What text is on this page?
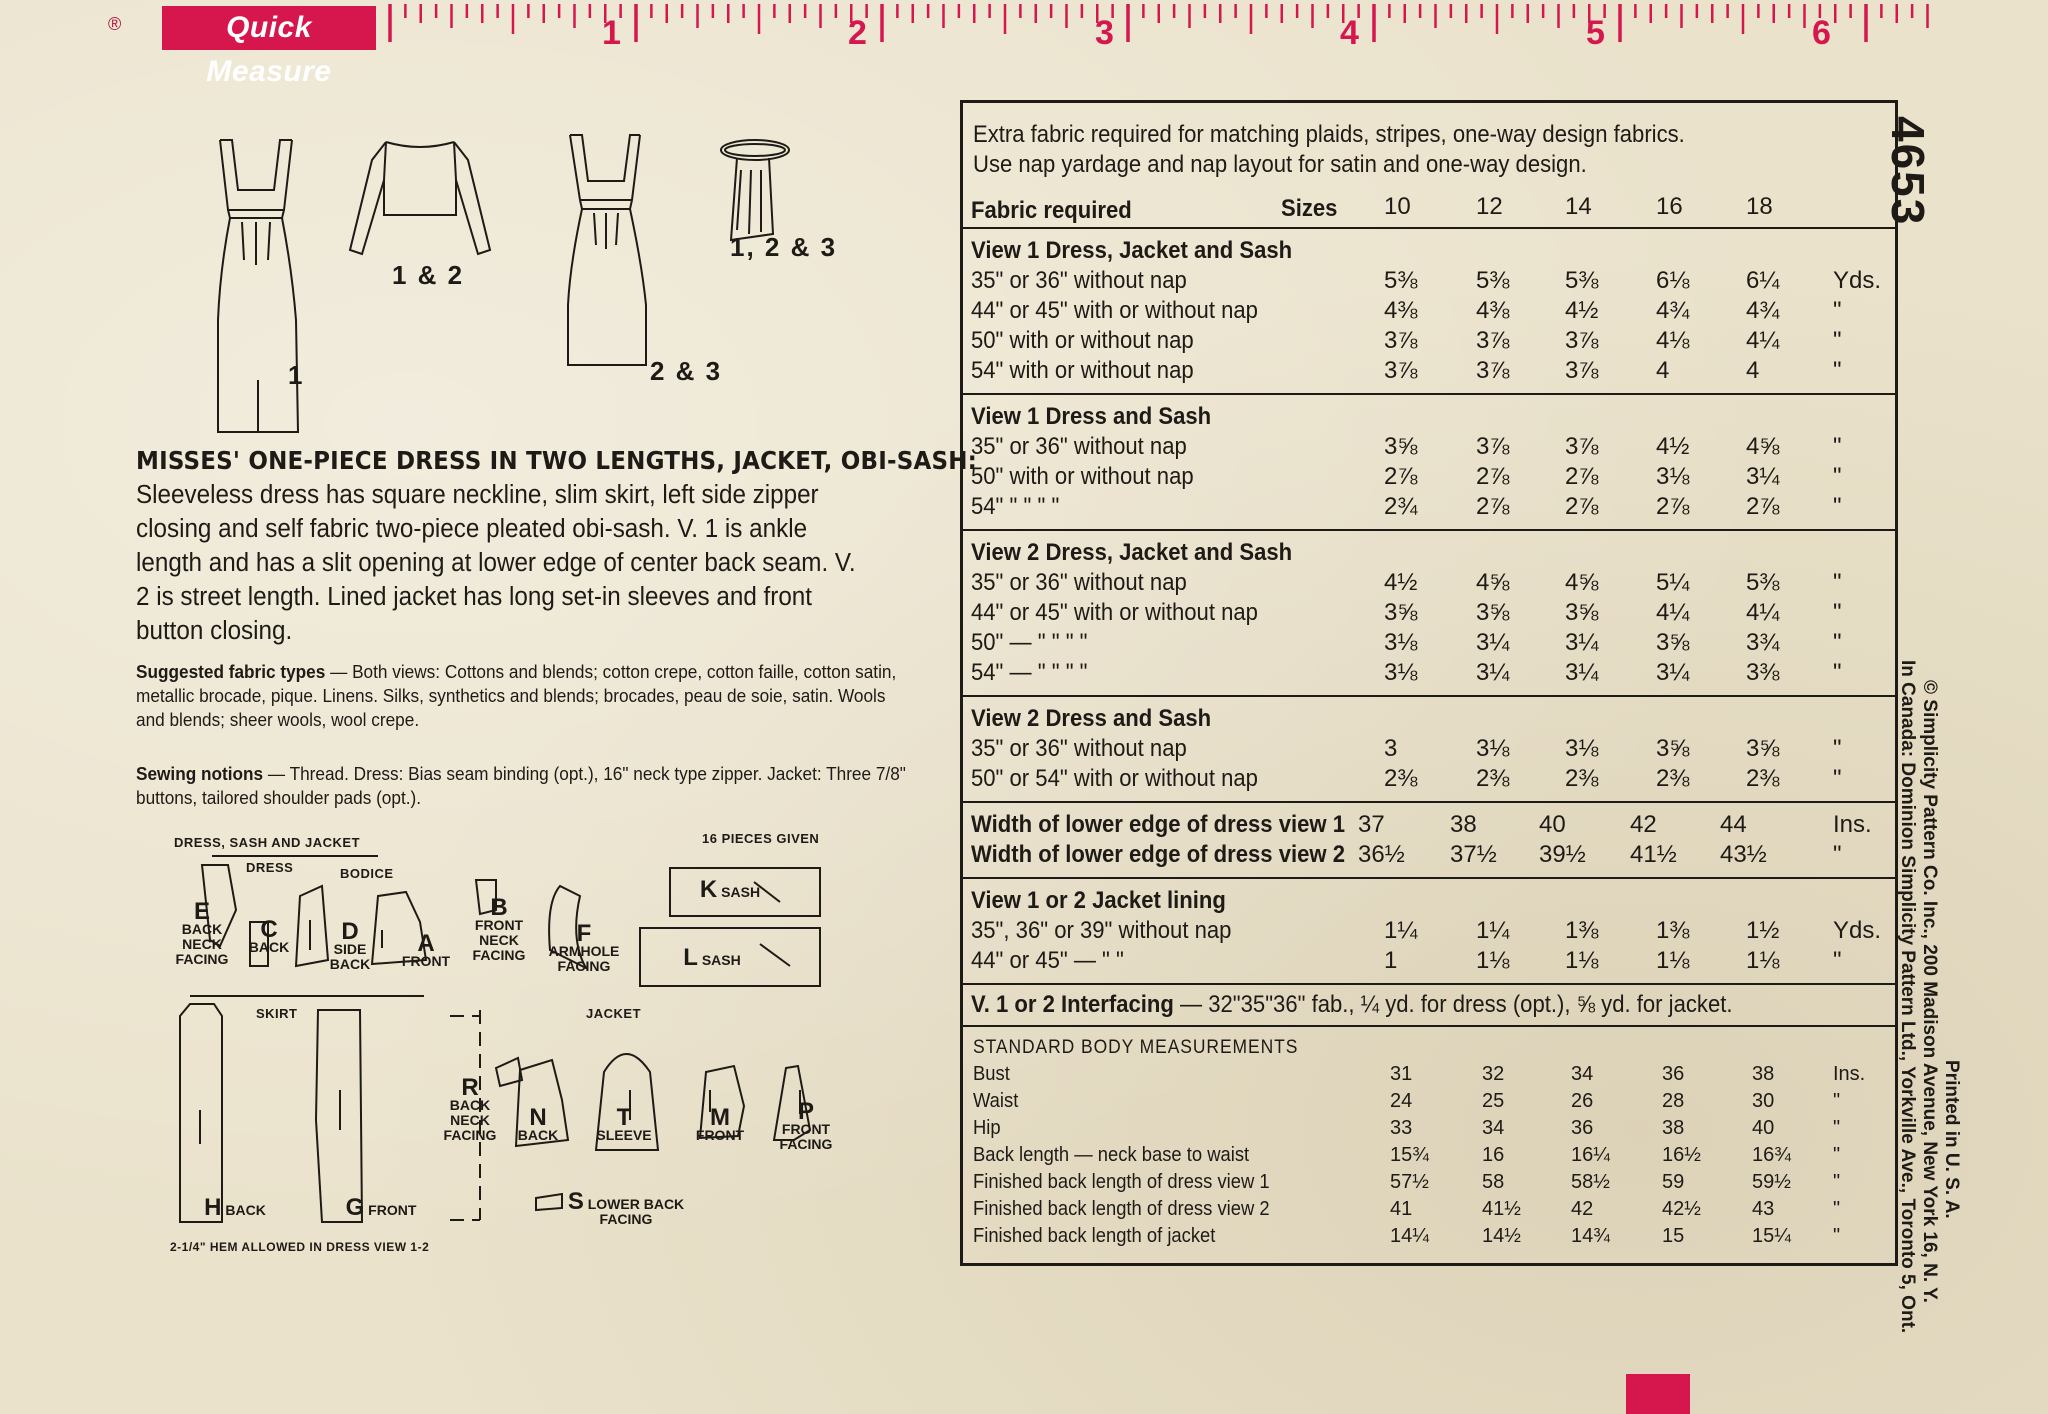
®	Quick Measure
1	2	3	4	5	6
1
1 & 2
2 & 3
1, 2 & 3
MISSES' ONE-PIECE DRESS IN TWO LENGTHS, JACKET, OBI-SASH:
Sleeveless dress has square neckline, slim skirt, left side zipper closing and self fabric two-piece pleated obi-sash. V. 1 is ankle length and has a slit opening at lower edge of center back seam. V. 2 is street length. Lined jacket has long set-in sleeves and front button closing.
Suggested fabric types — Both views: Cottons and blends; cotton crepe, cotton faille, cotton satin, metallic brocade, pique. Linens. Silks, synthetics and blends; brocades, peau de soie, satin. Wools and blends; sheer wools, wool crepe.
Sewing notions — Thread. Dress: Bias seam binding (opt.), 16" neck type zipper. Jacket: Three 7/8" buttons, tailored shoulder pads (opt.).
DRESS, SASH AND JACKET	16 PIECES GIVEN
DRESS	BODICE
SKIRT	JACKET
2-1/4" HEM ALLOWED IN DRESS VIEW 1-2
E
BACK NECK FACING
C
BACK
D
SIDE BACK
A
FRONT
B
FRONT NECK FACING
F
ARMHOLE FACING
K SASH
L SASH
H BACK	G FRONT
R
BACK NECK FACING
N
BACK
T
SLEEVE
M
FRONT
P
FRONT FACING
S LOWER BACK FACING
Extra fabric required for matching plaids, stripes, one-way design fabrics.
Use nap yardage and nap layout for satin and one-way design.
Fabric required	Sizes 10	12	14	16	18
View 1 Dress, Jacket and Sash
35" or 36" without nap	5⅜ 5⅜ 5⅜ 6⅛ 6¼ Yds.
44" or 45" with or without nap	4⅜ 4⅜ 4½ 4¾ 4¾ "
50" with or without nap	3⅞ 3⅞ 3⅞ 4⅛ 4¼ "
54" with or without nap	3⅞ 3⅞ 3⅞ 4	4	"
View 1 Dress and Sash
35" or 36" without nap	3⅝ 3⅞ 3⅞ 4½ 4⅝ "
50" with or without nap	2⅞ 2⅞ 2⅞ 3⅛ 3¼ "
54" " " " "	2¾ 2⅞ 2⅞ 2⅞ 2⅞ "
View 2 Dress, Jacket and Sash
35" or 36" without nap	4½ 4⅝ 4⅝ 5¼ 5⅜ "
44" or 45" with or without nap	3⅝ 3⅝ 3⅝ 4¼ 4¼ "
50" — " " " "	3⅛ 3¼ 3¼ 3⅝ 3¾ "
54" — " " " "	3⅛ 3¼ 3¼ 3¼ 3⅜ "
View 2 Dress and Sash
35" or 36" without nap	3	3⅛ 3⅛ 3⅝ 3⅝ "
50" or 54" with or without nap	2⅜ 2⅜ 2⅜ 2⅜ 2⅜ "
Width of lower edge of dress view 1 37	38	40	42	44	Ins.
Width of lower edge of dress view 2 36½ 37½ 39½ 41½ 43½	"
View 1 or 2 Jacket lining
35", 36" or 39" without nap	1¼ 1¼ 1⅜ 1⅜ 1½ Yds.
44" or 45" — " "	1	1⅛ 1⅛ 1⅛ 1⅛ "
V. 1 or 2 Interfacing — 32"35"36" fab., ¼ yd. for dress (opt.), ⅝ yd. for jacket.
STANDARD BODY MEASUREMENTS
Bust	31	32	34	36	38	Ins.
Waist	24	25	26	28	30	"
Hip	33	34	36	38	40	"
Back length — neck base to waist	15¾	16	16¼	16½	16¾ "
Finished back length of dress view 1	57½	58	58½	59	59½ "
Finished back length of dress view 2	41	41½	42	42½	43	"
Finished back length of jacket	14¼	14½	14¾	15	15¼ "
4653
© Simplicity Pattern Co. Inc., 200 Madison Avenue, New York 16, N. Y.
In Canada: Dominion Simplicity Pattern Ltd., Yorkville Ave., Toronto 5, Ont. Printed in U. S. A.
